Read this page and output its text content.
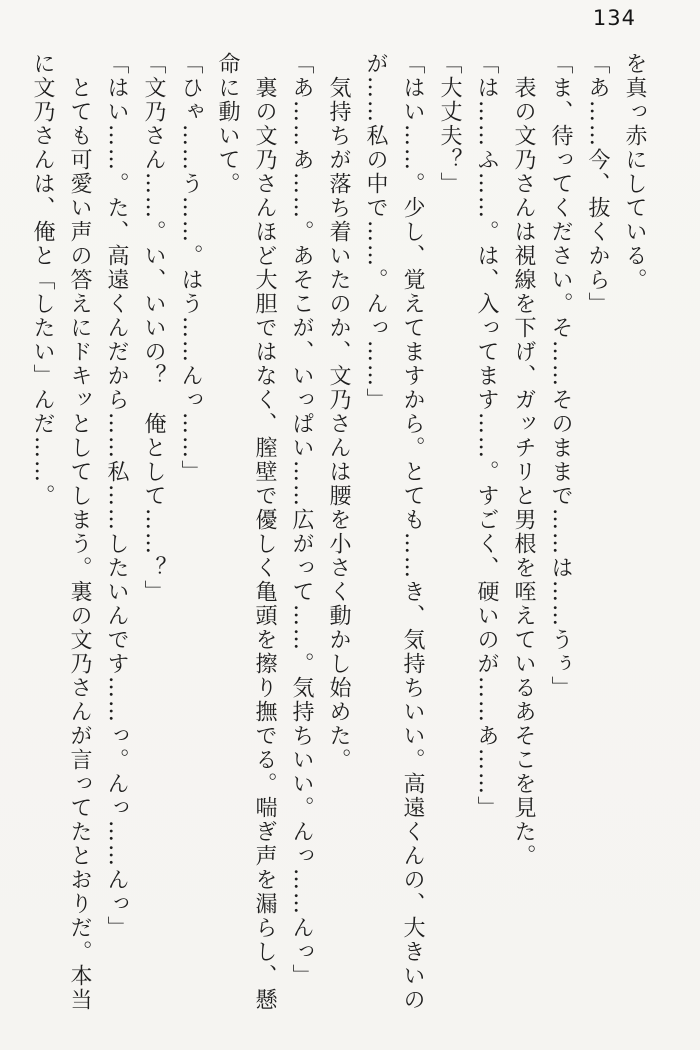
134

を真っ赤にしている。

「あ……今、抜くから」

「ま、待ってください。そ……そのままで……は……うぅ」

表の文乃さんは視線を下げ、ガッチリと男根を咥えているあそこを見た。

「は……ふ……。は、入ってます……。すごく、硬いのが……あ……」

「大丈夫？」

「はい……。少し、覚えてますから。とても……き、気持ちいい。高遠くんの、大きいの

が……私の中で……。んっ……」

気持ちが落ち着いたのか、文乃さんは腰を小さく動かし始めた。

「あ……あ……。あそこが、いっぱい……広がって……。気持ちいい。んっ……んっ」

裏の文乃さんほど大胆ではなく、膣壁で優しく亀頭を擦り撫でる。喘ぎ声を漏らし、懸

命に動いて。

「ひゃ……う……。はう……んっ……」

「文乃さん……。い、いいの？　俺として……？」

「はい……。た、高遠くんだから……私……したいんです……っ。んっ……んっ」

とても可愛い声の答えにドキッとしてしまう。裏の文乃さんが言ってたとおりだ。本当

に文乃さんは、俺と「したい」んだ……。
